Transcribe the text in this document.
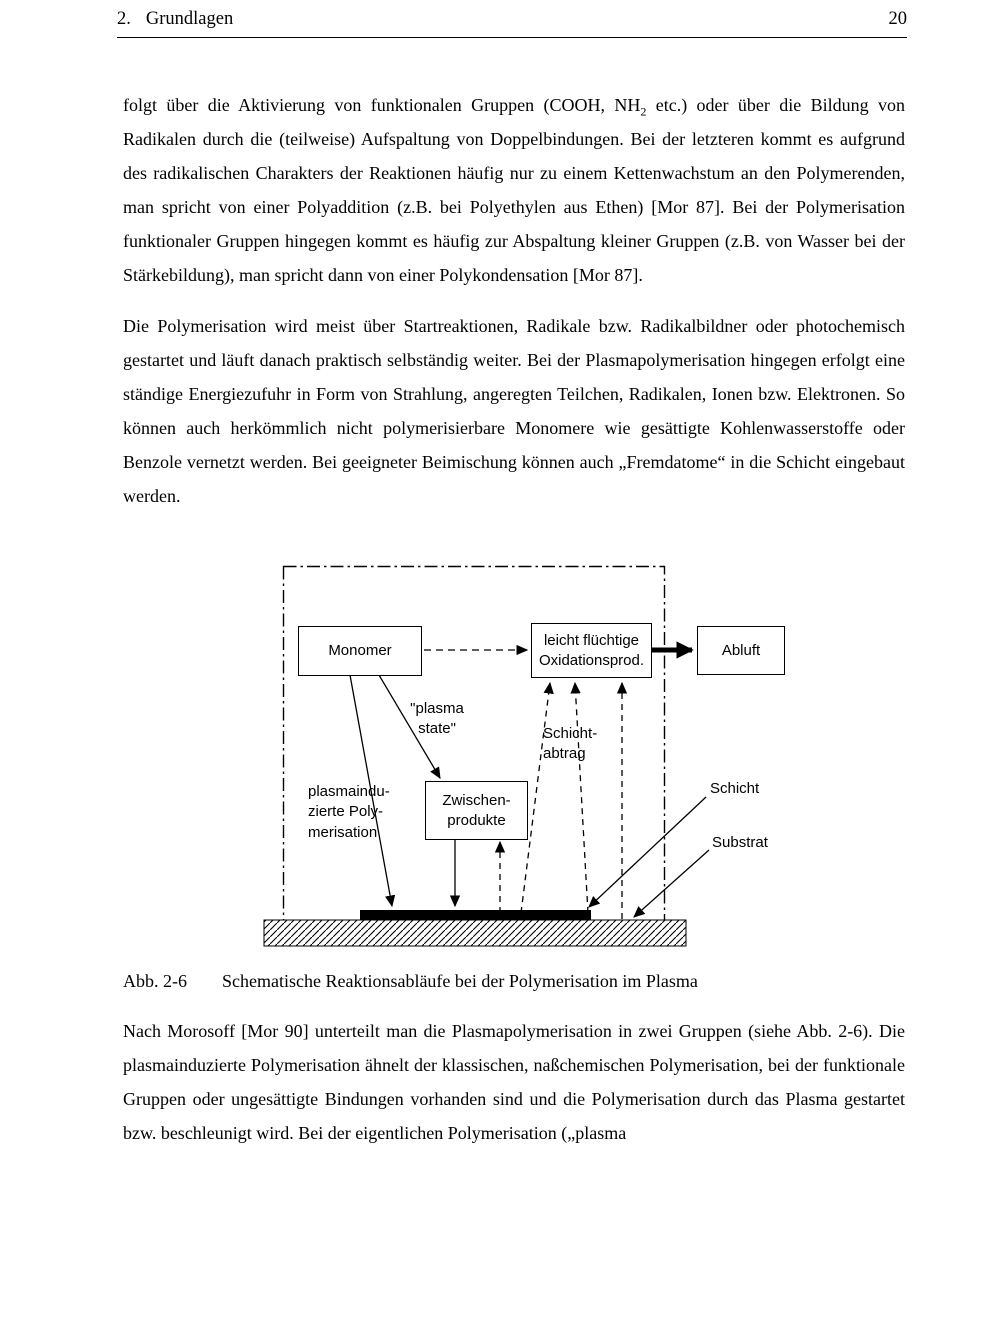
2. Grundlagen	20

folgt über die Aktivierung von funktionalen Gruppen (COOH, $NH_2$ etc.) oder über die Bildung von Radikalen durch die (teilweise) Aufspaltung von Doppelbindungen. Bei der letzteren kommt es aufgrund des radikalischen Charakters der Reaktionen häufig nur zu einem Kettenwachstum an den Polymerenden, man spricht von einer Polyaddition (z.B. bei Polyethylen aus Ethen) [Mor 87]. Bei der Polymerisation funktionaler Gruppen hingegen kommt es häufig zur Abspaltung kleiner Gruppen (z.B. von Wasser bei der Stärkebildung), man spricht dann von einer Polykondensation [Mor 87].

Die Polymerisation wird meist über Startreaktionen, Radikale bzw. Radikalbildner oder photochemisch gestartet und läuft danach praktisch selbständig weiter. Bei der Plasmapolymerisation hingegen erfolgt eine ständige Energiezufuhr in Form von Strahlung, angeregten Teilchen, Radikalen, Ionen bzw. Elektronen. So können auch herkömmlich nicht polymerisierbare Monomere wie gesättigte Kohlenwasserstoffe oder Benzole vernetzt werden. Bei geeigneter Beimischung können auch „Fremdatome“ in die Schicht eingebaut werden.

Monomer
leicht flüchtige
Oxidationsprod.
Abluft
Zwischen-
produkte
"plasma
state"	Schicht-
abtrag
plasmaindu-
zierte Poly-
merisation
Schicht
Substrat
Abb. 2-6 Schematische Reaktionsabläufe bei der Polymerisation im Plasma

Nach Morosoff [Mor 90] unterteilt man die Plasmapolymerisation in zwei Gruppen (siehe Abb. 2-6). Die plasmainduzierte Polymerisation ähnelt der klassischen, naßchemischen Polymerisation, bei der funktionale Gruppen oder ungesättigte Bindungen vorhanden sind und die Polymerisation durch das Plasma gestartet bzw. beschleunigt wird. Bei der eigentlichen Polymerisation („plasma
